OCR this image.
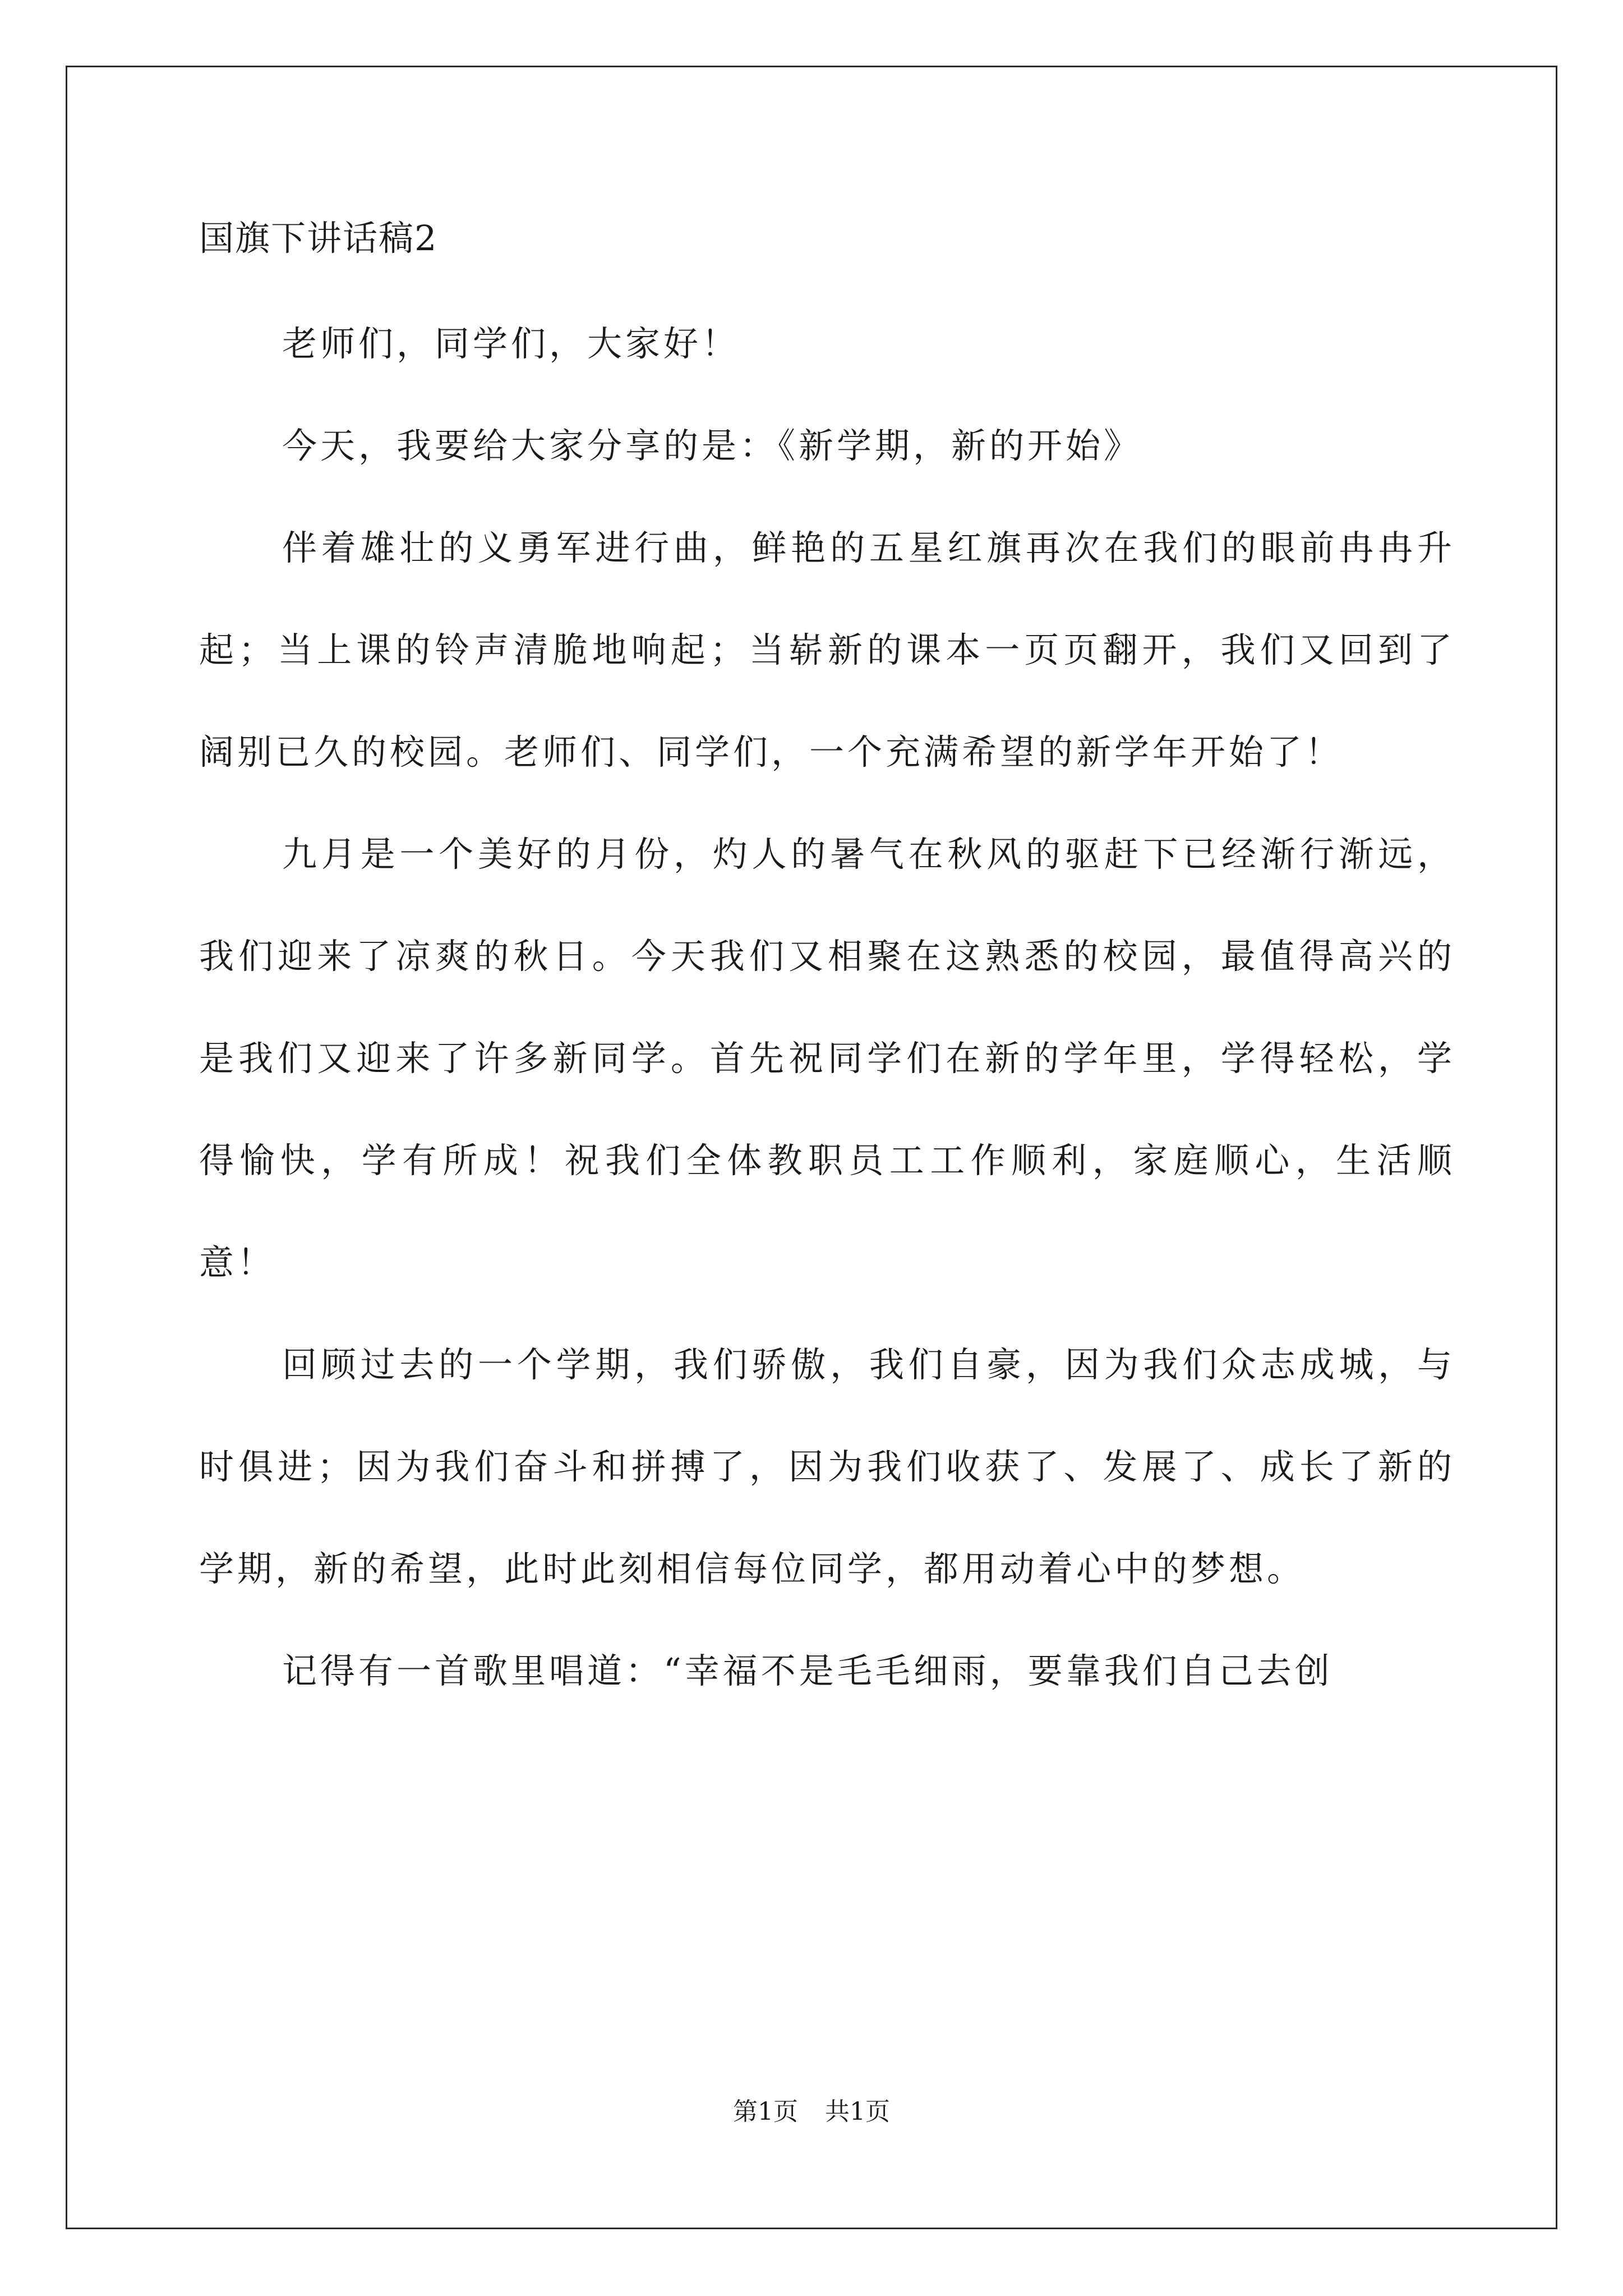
国旗下讲话稿2

老师们，同学们，大家好！

今天，我要给大家分享的是：《新学期，新的开始》

伴着雄壮的义勇军进行曲，鲜艳的五星红旗再次在我们的眼前冉冉升起；当上课的铃声清脆地响起；当崭新的课本一页页翻开，我们又回到了阔别已久的校园。老师们、同学们，一个充满希望的新学年开始了！

九月是一个美好的月份，灼人的暑气在秋风的驱赶下已经渐行渐远，我们迎来了凉爽的秋日。今天我们又相聚在这熟悉的校园，最值得高兴的是我们又迎来了许多新同学。首先祝同学们在新的学年里，学得轻松，学得愉快，学有所成！祝我们全体教职员工工作顺利，家庭顺心，生活顺意！

回顾过去的一个学期，我们骄傲，我们自豪，因为我们众志成城，与时俱进；因为我们奋斗和拼搏了，因为我们收获了、发展了、成长了新的学期，新的希望，此时此刻相信每位同学，都用动着心中的梦想。

记得有一首歌里唱道：“幸福不是毛毛细雨，要靠我们自己去创

第1页 共1页
